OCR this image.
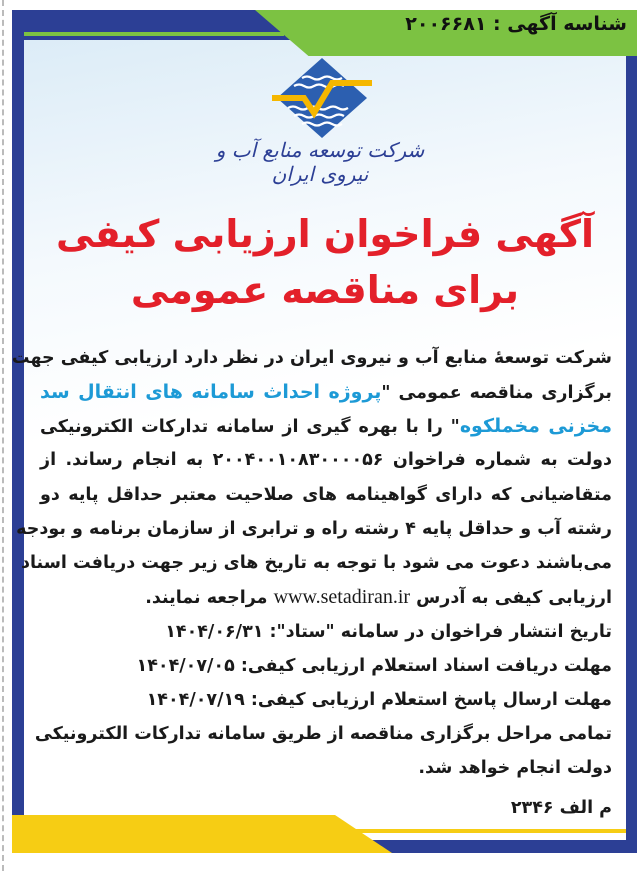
شناسه آگهی : ۲۰۰۶۶۸۱
شرکت توسعه منابع آب و نیروی ایران
آگهی فراخوان ارزیابی کیفی
برای مناقصه عمومی
شرکت توسعۀ منابع آب و نیروی ایران در نظر دارد ارزیابی کیفی جهت
برگزاری مناقصه عمومی "پروژه احداث سامانه های انتقال سد
مخزنی مخملکوه" را با بهره گیری از سامانه تدارکات الکترونیکی
دولت به شماره فراخوان ۲۰۰۴۰۰۱۰۸۳۰۰۰۰۵۶ به انجام رساند. از
متقاضیانی که دارای گواهینامه های صلاحیت معتبر حداقل پایه دو
رشته آب و حداقل پایه ۴ رشته راه و ترابری از سازمان برنامه و بودجه
می‌باشند دعوت می شود با توجه به تاریخ های زیر جهت دریافت اسناد
ارزیابی کیفی به آدرس www.setadiran.ir مراجعه نمایند.
تاریخ انتشار فراخوان در سامانه "ستاد": ۱۴۰۴/۰۶/۳۱
مهلت دریافت اسناد استعلام ارزیابی کیفی: ۱۴۰۴/۰۷/۰۵
مهلت ارسال پاسخ استعلام ارزیابی کیفی: ۱۴۰۴/۰۷/۱۹
تمامی مراحل برگزاری مناقصه از طریق سامانه تدارکات الکترونیکی
دولت انجام خواهد شد.
م الف ۲۳۴۶
